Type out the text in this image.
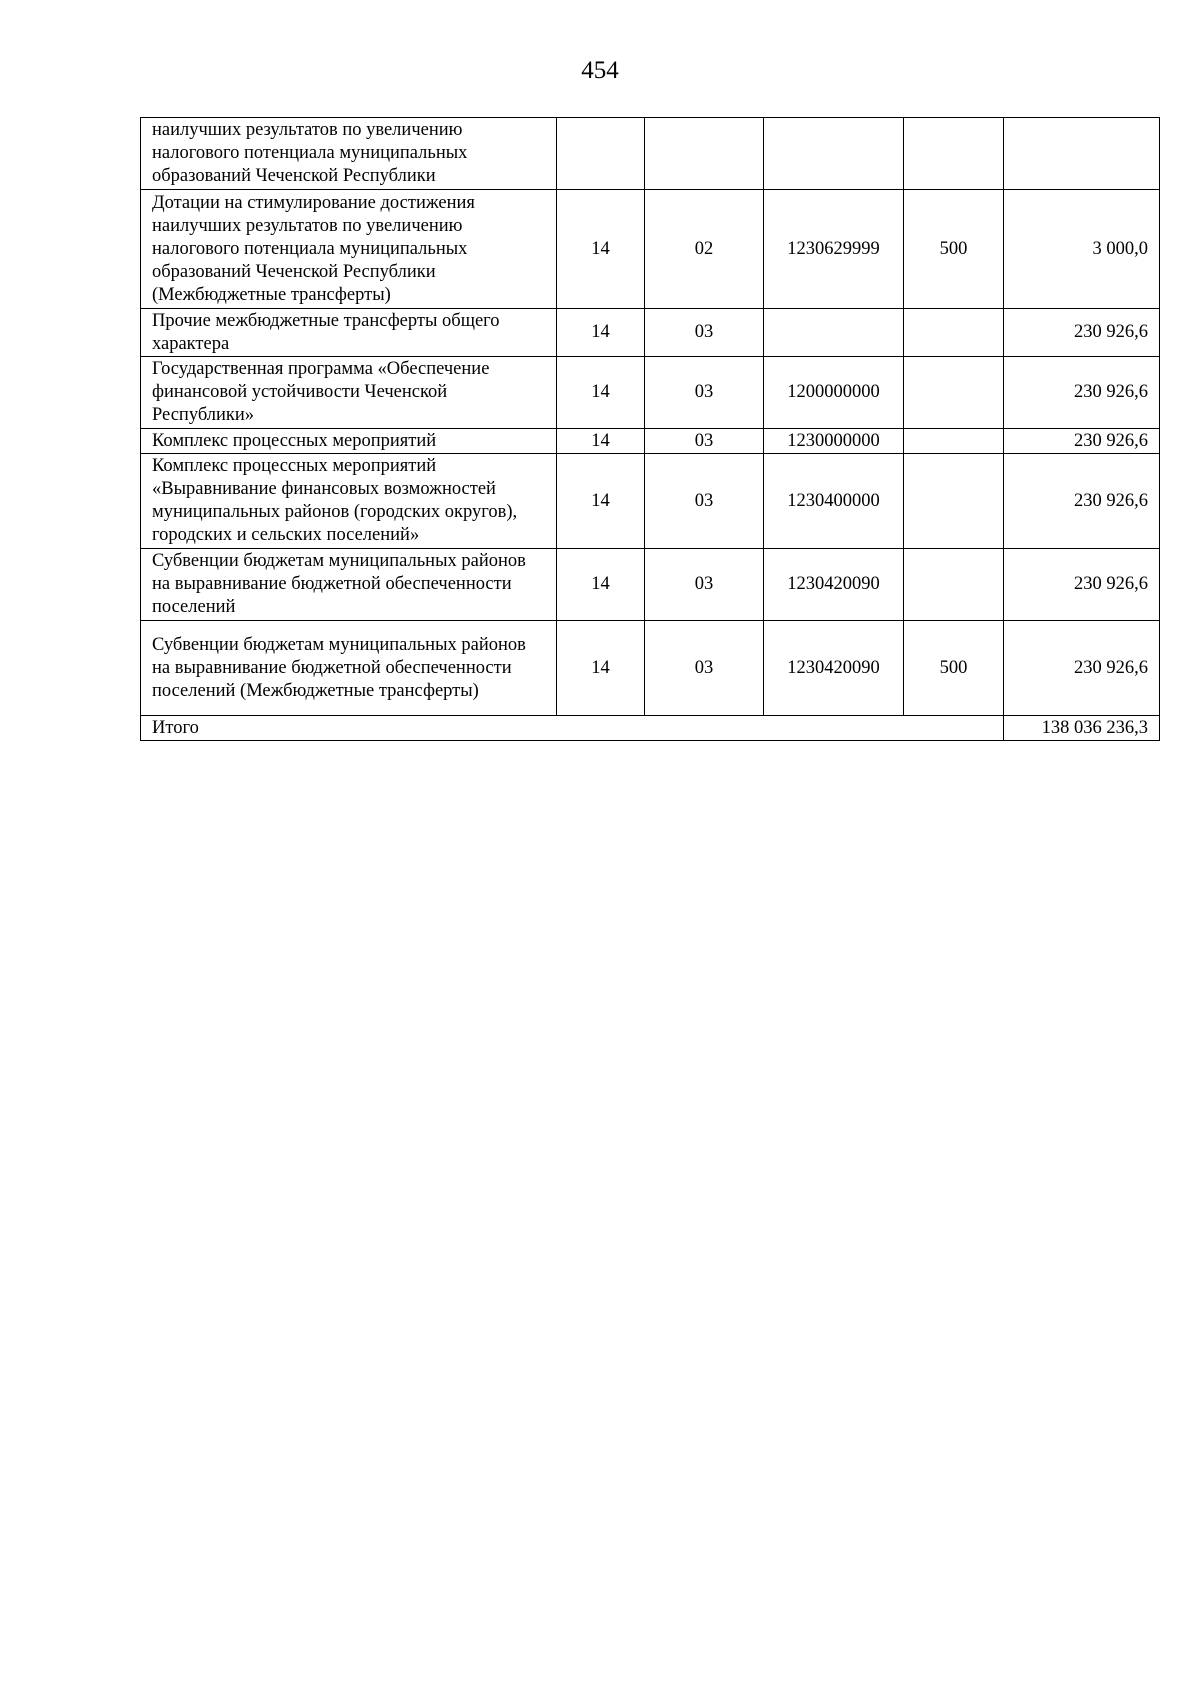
454
наилучших результатов по увеличению налогового потенциала муниципальных образований Чеченской Республики					
Дотации на стимулирование достижения наилучших результатов по увеличению налогового потенциала муниципальных образований Чеченской Республики (Межбюджетные трансферты)	14	02	1230629999	500	3 000,0
Прочие межбюджетные трансферты общего характера	14	03			230 926,6
Государственная программа «Обеспечение финансовой устойчивости Чеченской Республики»	14	03	1200000000		230 926,6
Комплекс процессных мероприятий	14	03	1230000000		230 926,6
Комплекс процессных мероприятий «Выравнивание финансовых возможностей муниципальных районов (городских округов), городских и сельских поселений»	14	03	1230400000		230 926,6
Субвенции бюджетам муниципальных районов на выравнивание бюджетной обеспеченности поселений	14	03	1230420090		230 926,6
Субвенции бюджетам муниципальных районов на выравнивание бюджетной обеспеченности поселений (Межбюджетные трансферты)	14	03	1230420090	500	230 926,6
Итого					138 036 236,3
